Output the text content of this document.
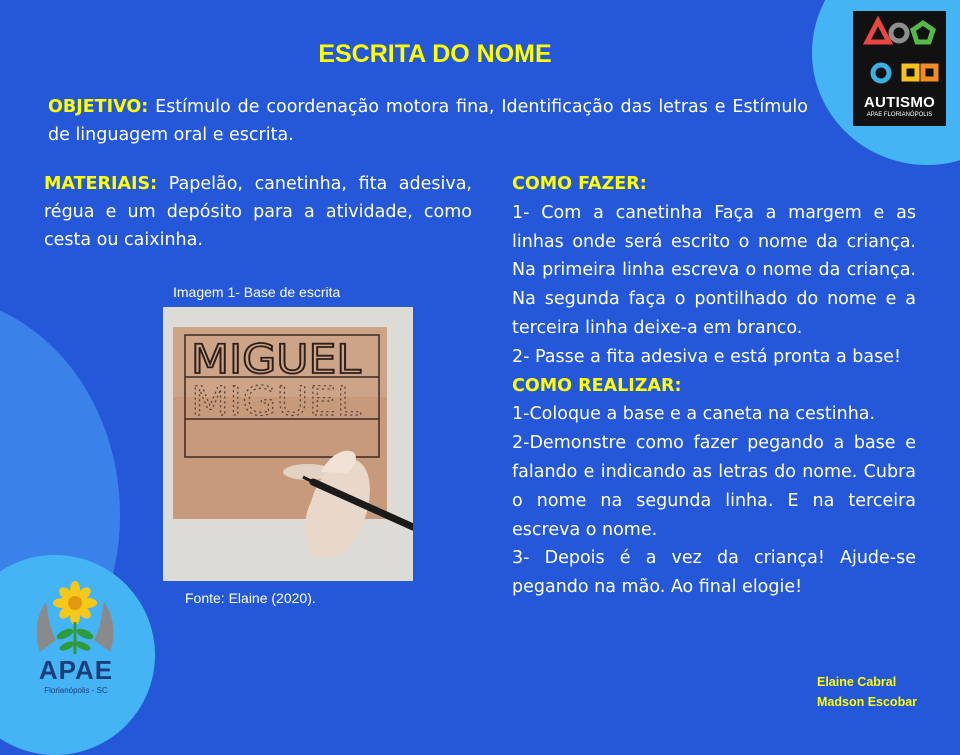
AUTISMO
APAE FLORIANÓPOLIS
ESCRITA DO NOME
OBJETIVO: Estímulo de coordenação motora fina, Identificação das letras e Estímulo de linguagem oral e escrita.
MATERIAIS: Papelão, canetinha, fita adesiva, régua e um depósito para a atividade, como cesta ou caixinha.
Imagem 1- Base de escrita
MIGUEL
MIGUEL
Fonte: Elaine (2020).

COMO FAZER:

1- Com a canetinha Faça a margem e as linhas onde será escrito o nome da criança. Na primeira linha escreva o nome da criança. Na segunda faça o pontilhado do nome e a terceira linha deixe-a em branco.

2- Passe a fita adesiva e está pronta a base!

COMO REALIZAR:

1-Coloque a base e a caneta na cestinha.

2-Demonstre como fazer pegando a base e falando e indicando as letras do nome. Cubra o nome na segunda linha. E na terceira escreva o nome.

3- Depois é a vez da criança! Ajude-se pegando na mão. Ao final elogie!

APAE
Florianópolis - SC
Elaine Cabral
Madson Escobar
